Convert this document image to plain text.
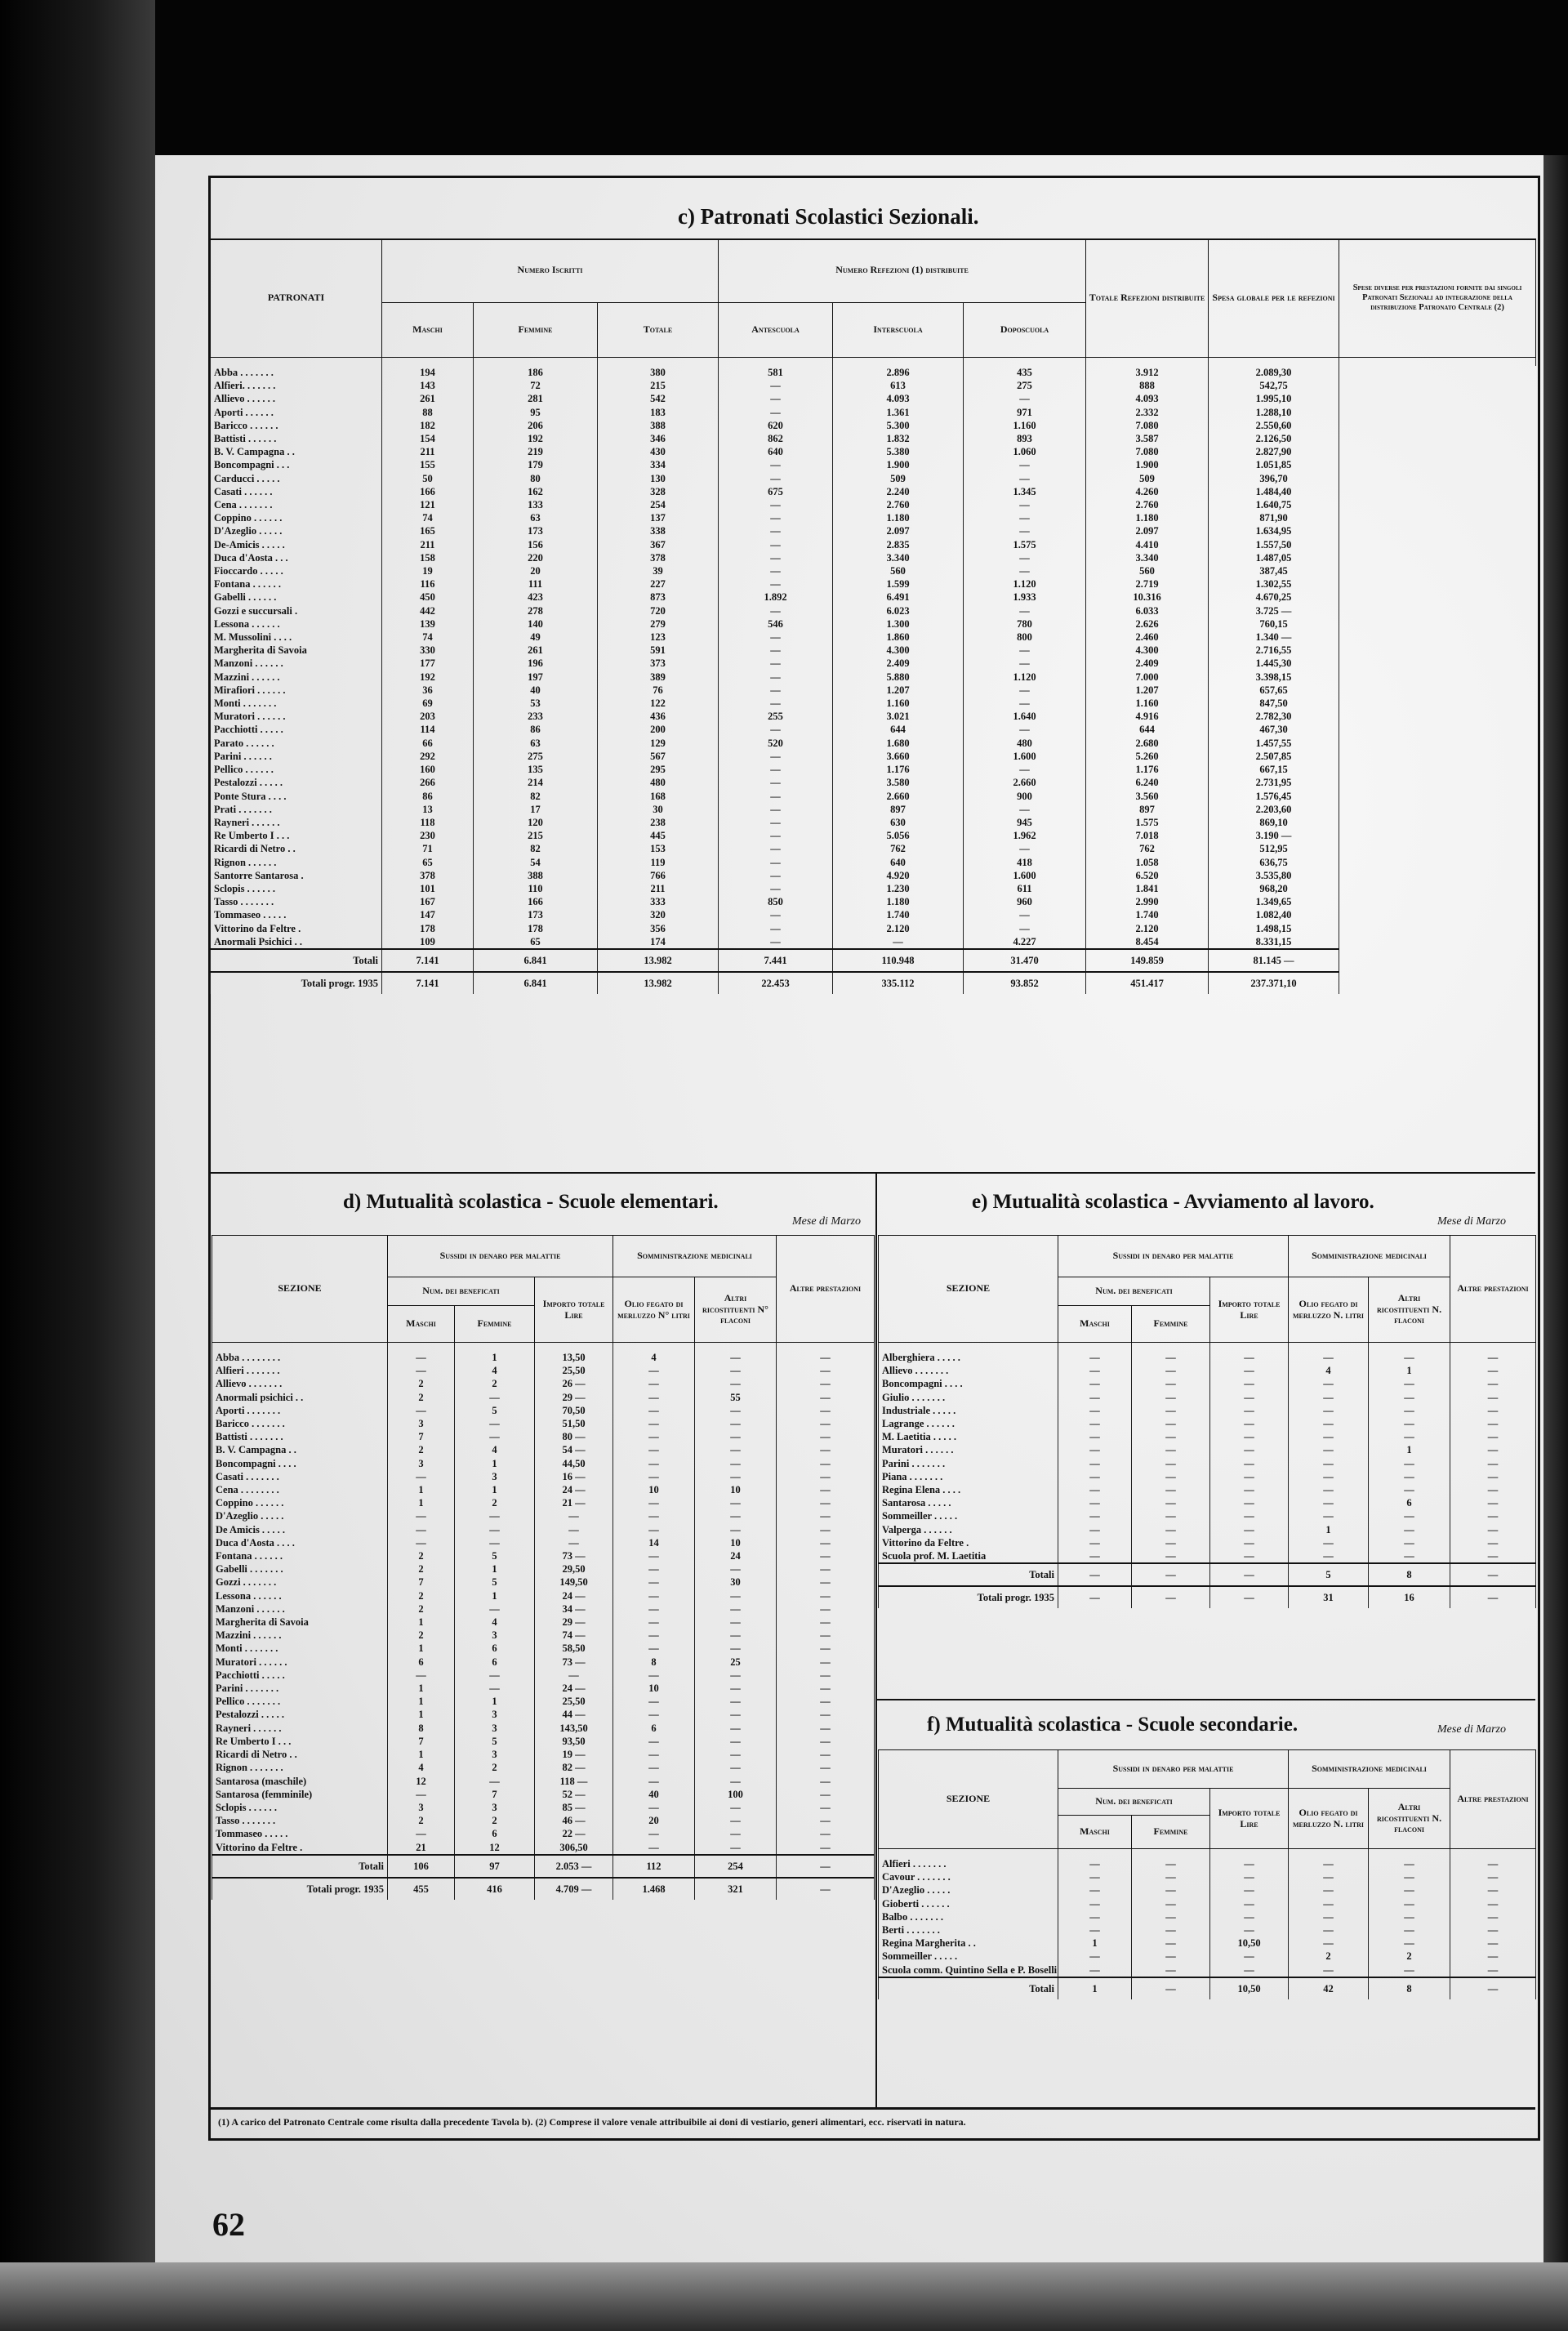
62
c) Patronati Scolastici Sezionali.
PATRONATI	Numero Iscritti			Numero Refezioni (1) distribuite			Totale Refezioni distribuite	Spesa globale per le refezioni	Spese diverse per prestazioni fornite dai singoli Patronati Sezionali ad integrazione della distribuzione Patronato Centrale (2)
	Maschi	Femmine	Totale	Antescuola	Interscuola	Doposcuola			

Abba . . . . . . .	194	186	380	581	2.896	435	3.912	2.089,30	
Alfieri. . . . . . .	143	72	215	—	613	275	888	542,75	
Allievo . . . . . .	261	281	542	—	4.093	—	4.093	1.995,10	
Aporti . . . . . .	88	95	183	—	1.361	971	2.332	1.288,10	
Baricco . . . . . .	182	206	388	620	5.300	1.160	7.080	2.550,60	
Battisti . . . . . .	154	192	346	862	1.832	893	3.587	2.126,50	
B. V. Campagna . .	211	219	430	640	5.380	1.060	7.080	2.827,90	
Boncompagni . . .	155	179	334	—	1.900	—	1.900	1.051,85	
Carducci . . . . .	50	80	130	—	509	—	509	396,70	
Casati . . . . . .	166	162	328	675	2.240	1.345	4.260	1.484,40	
Cena . . . . . . .	121	133	254	—	2.760	—	2.760	1.640,75	
Coppino . . . . . .	74	63	137	—	1.180	—	1.180	871,90	
D'Azeglio . . . . .	165	173	338	—	2.097	—	2.097	1.634,95	
De-Amicis . . . . .	211	156	367	—	2.835	1.575	4.410	1.557,50	
Duca d'Aosta . . .	158	220	378	—	3.340	—	3.340	1.487,05	
Fioccardo . . . . .	19	20	39	—	560	—	560	387,45	
Fontana . . . . . .	116	111	227	—	1.599	1.120	2.719	1.302,55	
Gabelli . . . . . .	450	423	873	1.892	6.491	1.933	10.316	4.670,25	
Gozzi e succursali .	442	278	720	—	6.023	—	6.033	3.725 —	
Lessona . . . . . .	139	140	279	546	1.300	780	2.626	760,15	
M. Mussolini . . . .	74	49	123	—	1.860	800	2.460	1.340 —	
Margherita di Savoia	330	261	591	—	4.300	—	4.300	2.716,55	
Manzoni . . . . . .	177	196	373	—	2.409	—	2.409	1.445,30	
Mazzini . . . . . .	192	197	389	—	5.880	1.120	7.000	3.398,15	
Mirafiori . . . . . .	36	40	76	—	1.207	—	1.207	657,65	
Monti . . . . . . .	69	53	122	—	1.160	—	1.160	847,50	
Muratori . . . . . .	203	233	436	255	3.021	1.640	4.916	2.782,30	
Pacchiotti . . . . .	114	86	200	—	644	—	644	467,30	
Parato . . . . . .	66	63	129	520	1.680	480	2.680	1.457,55	
Parini . . . . . .	292	275	567	—	3.660	1.600	5.260	2.507,85	
Pellico . . . . . .	160	135	295	—	1.176	—	1.176	667,15	
Pestalozzi . . . . .	266	214	480	—	3.580	2.660	6.240	2.731,95	
Ponte Stura . . . .	86	82	168	—	2.660	900	3.560	1.576,45	
Prati . . . . . . .	13	17	30	—	897	—	897	2.203,60	
Rayneri . . . . . .	118	120	238	—	630	945	1.575	869,10	
Re Umberto I . . .	230	215	445	—	5.056	1.962	7.018	3.190 —	
Ricardi di Netro . .	71	82	153	—	762	—	762	512,95	
Rignon . . . . . .	65	54	119	—	640	418	1.058	636,75	
Santorre Santarosa .	378	388	766	—	4.920	1.600	6.520	3.535,80	
Sclopis . . . . . .	101	110	211	—	1.230	611	1.841	968,20	
Tasso . . . . . . .	167	166	333	850	1.180	960	2.990	1.349,65	
Tommaseo . . . . .	147	173	320	—	1.740	—	1.740	1.082,40	
Vittorino da Feltre .	178	178	356	—	2.120	—	2.120	1.498,15	
Anormali Psichici . .	109	65	174	—	—	4.227	8.454	8.331,15	
Totali	7.141	6.841	13.982	7.441	110.948	31.470	149.859	81.145 —	
Totali progr. 1935	7.141	6.841	13.982	22.453	335.112	93.852	451.417	237.371,10	
d) Mutualità scolastica - Scuole elementari.
Mese di Marzo
SEZIONE	Sussidi in denaro per malattie			Somministrazione medicinali		Altre prestazioni
	Num. dei beneficati		Importo totale Lire	Olio fegato di merluzzo N° litri	Altri ricostituenti N° flaconi	
	Maschi	Femmine				

Abba . . . . . . . .	—	1	13,50	4	—	—
Alfieri . . . . . . .	—	4	25,50	—	—	—
Allievo . . . . . . .	2	2	26 —	—	—	—
Anormali psichici . .	2	—	29 —	—	55	—
Aporti . . . . . . .	—	5	70,50	—	—	—
Baricco . . . . . . .	3	—	51,50	—	—	—
Battisti . . . . . . .	7	—	80 —	—	—	—
B. V. Campagna . .	2	4	54 —	—	—	—
Boncompagni . . . .	3	1	44,50	—	—	—
Casati . . . . . . .	—	3	16 —	—	—	—
Cena . . . . . . . .	1	1	24 —	10	10	—
Coppino . . . . . .	1	2	21 —	—	—	—
D'Azeglio . . . . .	—	—	—	—	—	—
De Amicis . . . . .	—	—	—	—	—	—
Duca d'Aosta . . . .	—	—	—	14	10	—
Fontana . . . . . .	2	5	73 —	—	24	—
Gabelli . . . . . . .	2	1	29,50	—	—	—
Gozzi . . . . . . .	7	5	149,50	—	30	—
Lessona . . . . . .	2	1	24 —	—	—	—
Manzoni . . . . . .	2	—	34 —	—	—	—
Margherita di Savoia	1	4	29 —	—	—	—
Mazzini . . . . . .	2	3	74 —	—	—	—
Monti . . . . . . .	1	6	58,50	—	—	—
Muratori . . . . . .	6	6	73 —	8	25	—
Pacchiotti . . . . .	—	—	—	—	—	—
Parini . . . . . . .	1	—	24 —	10	—	—
Pellico . . . . . . .	1	1	25,50	—	—	—
Pestalozzi . . . . .	1	3	44 —	—	—	—
Rayneri . . . . . .	8	3	143,50	6	—	—
Re Umberto I . . .	7	5	93,50	—	—	—
Ricardi di Netro . .	1	3	19 —	—	—	—
Rignon . . . . . . .	4	2	82 —	—	—	—
Santarosa (maschile)	12	—	118 —	—	—	—
Santarosa (femminile)	—	7	52 —	40	100	—
Sclopis . . . . . .	3	3	85 —	—	—	—
Tasso . . . . . . .	2	2	46 —	20	—	—
Tommaseo . . . . .	—	6	22 —	—	—	—
Vittorino da Feltre .	21	12	306,50	—	—	—
Totali	106	97	2.053 —	112	254	—
Totali progr. 1935	455	416	4.709 —	1.468	321	—
e) Mutualità scolastica - Avviamento al lavoro.
Mese di Marzo
SEZIONE	Sussidi in denaro per malattie			Somministrazione medicinali		Altre prestazioni
	Num. dei beneficati		Importo totale Lire	Olio fegato di merluzzo N. litri	Altri ricostituenti N. flaconi	
	Maschi	Femmine				

Alberghiera . . . . .	—	—	—	—	—	—
Allievo . . . . . . .	—	—	—	4	1	—
Boncompagni . . . .	—	—	—	—	—	—
Giulio . . . . . . .	—	—	—	—	—	—
Industriale . . . . .	—	—	—	—	—	—
Lagrange . . . . . .	—	—	—	—	—	—
M. Laetitia . . . . .	—	—	—	—	—	—
Muratori . . . . . .	—	—	—	—	1	—
Parini . . . . . . .	—	—	—	—	—	—
Piana . . . . . . .	—	—	—	—	—	—
Regina Elena . . . .	—	—	—	—	—	—
Santarosa . . . . .	—	—	—	—	6	—
Sommeiller . . . . .	—	—	—	—	—	—
Valperga . . . . . .	—	—	—	1	—	—
Vittorino da Feltre .	—	—	—	—	—	—
Scuola prof. M. Laetitia	—	—	—	—	—	—
Totali	—	—	—	5	8	—
Totali progr. 1935	—	—	—	31	16	—
f) Mutualità scolastica - Scuole secondarie.	Mese di Marzo
SEZIONE	Sussidi in denaro per malattie			Somministrazione medicinali		Altre prestazioni
	Num. dei beneficati		Importo totale Lire	Olio fegato di merluzzo N. litri	Altri ricostituenti N. flaconi	
	Maschi	Femmine				

Alfieri . . . . . . .	—	—	—	—	—	—
Cavour . . . . . . .	—	—	—	—	—	—
D'Azeglio . . . . .	—	—	—	—	—	—
Gioberti . . . . . .	—	—	—	—	—	—
Balbo . . . . . . .	—	—	—	—	—	—
Berti . . . . . . .	—	—	—	—	—	—
Regina Margherita . .	1	—	10,50	—	—	—
Sommeiller . . . . .	—	—	—	2	2	—
Scuola comm. Quintino Sella e P. Boselli	—	—	—	—	—	—
Totali	1	—	10,50	42	8	—
(1) A carico del Patronato Centrale come risulta dalla precedente Tavola b). (2) Comprese il valore venale attribuibile ai doni di vestiario, generi alimentari, ecc. riservati in natura.
